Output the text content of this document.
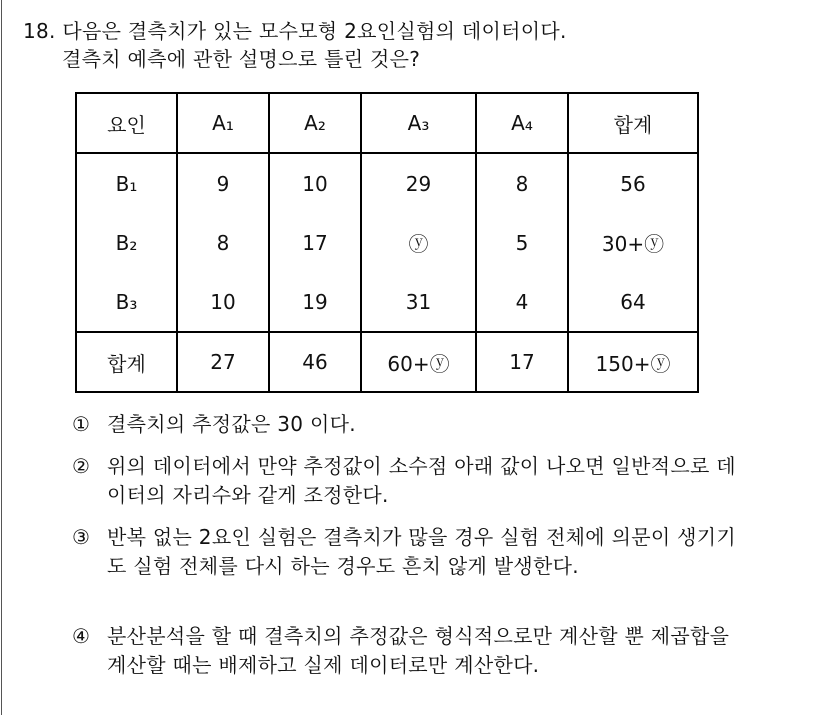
18. 다음은 결측치가 있는 모수모형 2요인실험의 데이터이다.
결측치 예측에 관한 설명으로 틀린 것은?
요인	A₁	A₂	A₃	A₄	합계
B₁	9	10	29	8	56
B₂	8	17	ⓨ	5	30+ⓨ
B₃	10	19	31	4	64
합계	27	46	60+ⓨ	17	150+ⓨ
① 결측치의 추정값은 30 이다.
② 위의 데이터에서 만약 추정값이 소수점 아래 값이 나오면 일반적으로 데이터의 자리수와 같게 조정한다.
③ 반복 없는 2요인 실험은 결측치가 많을 경우 실험 전체에 의문이 생기기도 실험 전체를 다시 하는 경우도 흔치 않게 발생한다.
④ 분산분석을 할 때 결측치의 추정값은 형식적으로만 계산할 뿐 제곱합을 계산할 때는 배제하고 실제 데이터로만 계산한다.
